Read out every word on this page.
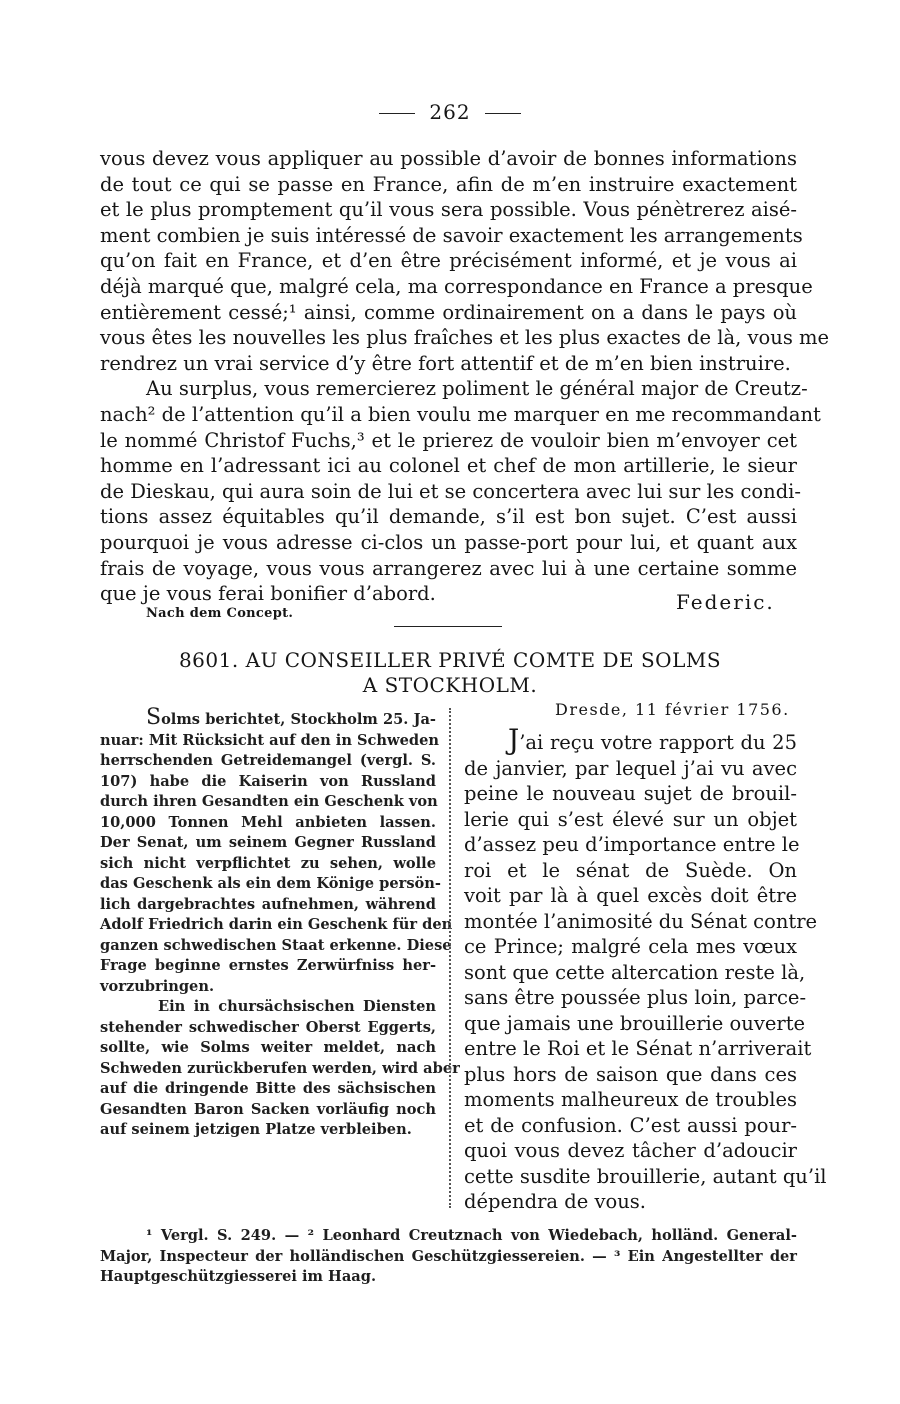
262
vous devez vous appliquer au possible d’avoir de bonnes informations
de tout ce qui se passe en France, afin de m’en instruire exactement
et le plus promptement qu’il vous sera possible. Vous pénètrerez aisé-
ment combien je suis intéressé de savoir exactement les arrangements
qu’on fait en France, et d’en être précisément informé, et je vous ai
déjà marqué que, malgré cela, ma correspondance en France a presque
entièrement cessé;¹ ainsi, comme ordinairement on a dans le pays où
vous êtes les nouvelles les plus fraîches et les plus exactes de là, vous me
rendrez un vrai service d’y être fort attentif et de m’en bien instruire.
Au surplus, vous remercierez poliment le général major de Creutz-
nach² de l’attention qu’il a bien voulu me marquer en me recommandant
le nommé Christof Fuchs,³ et le prierez de vouloir bien m’envoyer cet
homme en l’adressant ici au colonel et chef de mon artillerie, le sieur
de Dieskau, qui aura soin de lui et se concertera avec lui sur les condi-
tions assez équitables qu’il demande, s’il est bon sujet. C’est aussi
pourquoi je vous adresse ci-clos un passe-port pour lui, et quant aux
frais de voyage, vous vous arrangerez avec lui à une certaine somme
que je vous ferai bonifier d’abord.	Federic.
Nach dem Concept.
8601. AU CONSEILLER PRIVÉ COMTE DE SOLMS
A STOCKHOLM.
Solms berichtet, Stockholm 25. Ja-
nuar: Mit Rücksicht auf den in Schweden
herrschenden Getreidemangel (vergl. S.
107) habe die Kaiserin von Russland
durch ihren Gesandten ein Geschenk von
10,000 Tonnen Mehl anbieten lassen.
Der Senat, um seinem Gegner Russland
sich nicht verpflichtet zu sehen, wolle
das Geschenk als ein dem Könige persön-
lich dargebrachtes aufnehmen, während
Adolf Friedrich darin ein Geschenk für den
ganzen schwedischen Staat erkenne. Diese
Frage beginne ernstes Zerwürfniss her-
vorzubringen.
Ein in chursächsischen Diensten
stehender schwedischer Oberst Eggerts,
sollte, wie Solms weiter meldet, nach
Schweden zurückberufen werden, wird aber
auf die dringende Bitte des sächsischen
Gesandten Baron Sacken vorläufig noch
auf seinem jetzigen Platze verbleiben.
Dresde, 11 février 1756.
J’ai reçu votre rapport du 25
de janvier, par lequel j’ai vu avec
peine le nouveau sujet de brouil-
lerie qui s’est élevé sur un objet
d’assez peu d’importance entre le
roi et le sénat de Suède. On
voit par là à quel excès doit être
montée l’animosité du Sénat contre
ce Prince; malgré cela mes vœux
sont que cette altercation reste là,
sans être poussée plus loin, parce-
que jamais une brouillerie ouverte
entre le Roi et le Sénat n’arriverait
plus hors de saison que dans ces
moments malheureux de troubles
et de confusion. C’est aussi pour-
quoi vous devez tâcher d’adoucir
cette susdite brouillerie, autant qu’il
dépendra de vous.
¹ Vergl. S. 249. — ² Leonhard Creutznach von Wiedebach, holländ. General-
Major, Inspecteur der holländischen Geschützgiessereien. — ³ Ein Angestellter der
Hauptgeschützgiesserei im Haag.
